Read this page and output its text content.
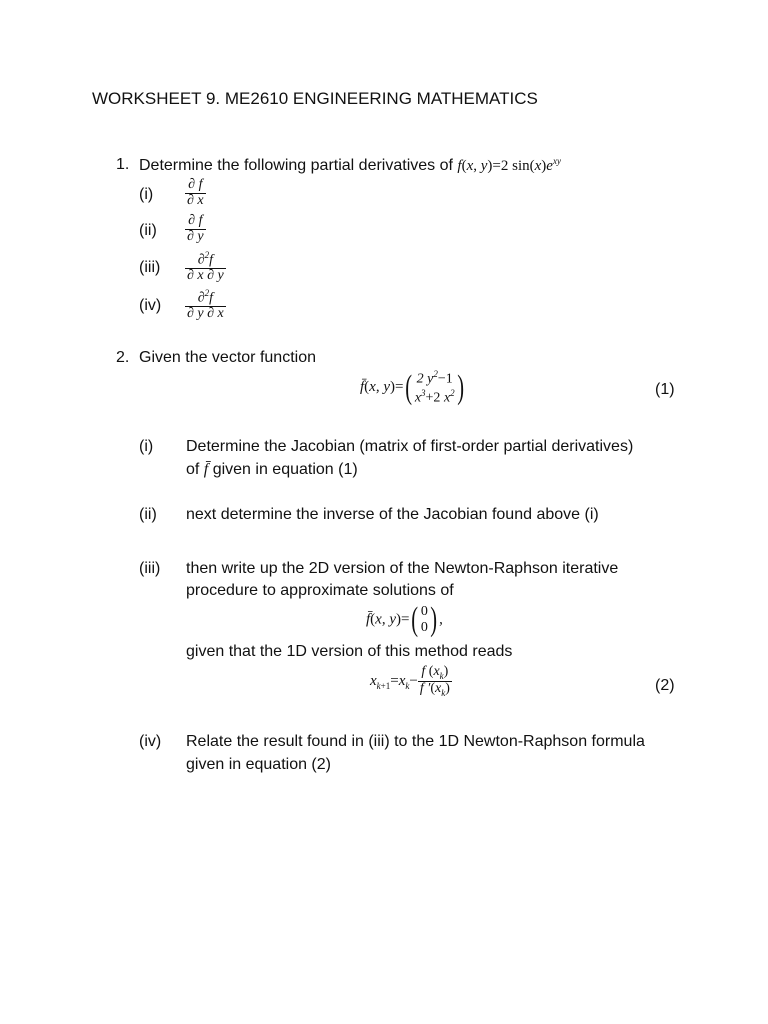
WORKSHEET 9. ME2610 ENGINEERING MATHEMATICS
1. Determine the following partial derivatives of f(x, y)=2 $\sin(x)e^{xy}$
$(i) \frac{\partial f}{\partial x}$
$(ii) \frac{\partial f}{\partial y}$
$(iii) \frac{\partial^2f}{\partial x \partial y}$
$(iv) \frac{\partial^2f}{\partial y \partial x}$
2. Given the vector function
f̄(x, y)=( 2 $y^2-1$
$x^3+2$ $x^2$ )	(1)
(i) Determine the Jacobian (matrix of first-order partial derivatives)
of f̄ given in equation (1)
(ii) next determine the inverse of the Jacobian found above (i)
(iii) then write up the 2D version of the Newton-Raphson iterative
procedure to approximate solutions of
f̄(x, y)=( 0
0 ) ,
given that the 1D version of this method reads
$x_{k+1}=x_k- \frac{f (x_k)}{f '(x_k)}$	(2)
(iv) Relate the result found in (iii) to the 1D Newton-Raphson formula
given in equation (2)
